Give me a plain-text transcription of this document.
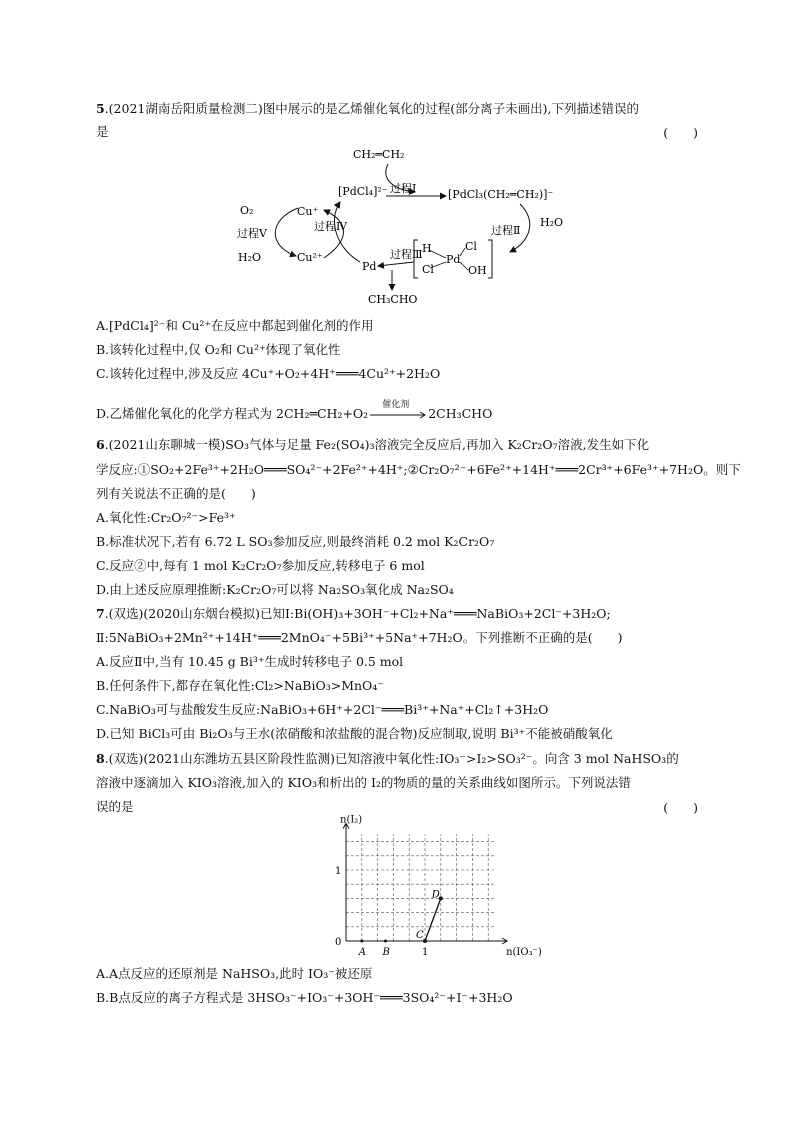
5.(2021湖南岳阳质量检测二)图中展示的是乙烯催化氧化的过程(部分离子未画出),下列描述错误的
是	(　　)
CH₂═CH₂
[PdCl₄]²⁻ 过程Ⅰ	[PdCl₃(CH₂═CH₂)]⁻
H₂O
过程Ⅱ
H
Pd
Cl
Cl	OH
过程Ⅲ
Pd
CH₃CHO
过程Ⅳ
Cu⁺
Cu²⁺
O₂
过程Ⅴ
H₂O
A.[PdCl₄]²⁻和 Cu²⁺在反应中都起到催化剂的作用
B.该转化过程中,仅 O₂和 Cu²⁺体现了氧化性
C.该转化过程中,涉及反应 4Cu⁺+O₂+4H⁺═══4Cu²⁺+2H₂O
D.乙烯催化氧化的化学方程式为 2CH₂═CH₂+O₂
催化剂
2CH₃CHO
6.(2021山东聊城一模)SO₃气体与足量 Fe₂(SO₄)₃溶液完全反应后,再加入 K₂Cr₂O₇溶液,发生如下化
学反应:①SO₂+2Fe³⁺+2H₂O═══SO₄²⁻+2Fe²⁺+4H⁺;②Cr₂O₇²⁻+6Fe²⁺+14H⁺═══2Cr³⁺+6Fe³⁺+7H₂O。则下
列有关说法不正确的是(　　)
A.氧化性:Cr₂O₇²⁻>Fe³⁺
B.标准状况下,若有 6.72 L SO₃参加反应,则最终消耗 0.2 mol K₂Cr₂O₇
C.反应②中,每有 1 mol K₂Cr₂O₇参加反应,转移电子 6 mol
D.由上述反应原理推断:K₂Cr₂O₇可以将 Na₂SO₃氧化成 Na₂SO₄
7.(双选)(2020山东烟台模拟)已知Ⅰ:Bi(OH)₃+3OH⁻+Cl₂+Na⁺═══NaBiO₃+2Cl⁻+3H₂O;
Ⅱ:5NaBiO₃+2Mn²⁺+14H⁺═══2MnO₄⁻+5Bi³⁺+5Na⁺+7H₂O。下列推断不正确的是(　　)
A.反应Ⅱ中,当有 10.45 g Bi³⁺生成时转移电子 0.5 mol
B.任何条件下,都存在氧化性:Cl₂>NaBiO₃>MnO₄⁻
C.NaBiO₃可与盐酸发生反应:NaBiO₃+6H⁺+2Cl⁻═══Bi³⁺+Na⁺+Cl₂↑+3H₂O
D.已知 BiCl₃可由 Bi₂O₃与王水(浓硝酸和浓盐酸的混合物)反应制取,说明 Bi³⁺不能被硝酸氧化
8.(双选)(2021山东潍坊五县区阶段性监测)已知溶液中氧化性:IO₃⁻>I₂>SO₃²⁻。向含 3 mol NaHSO₃的
溶液中逐滴加入 KIO₃溶液,加入的 KIO₃和析出的 I₂的物质的量的关系曲线如图所示。下列说法错
误的是	(　　)
n(I₂)
n(IO₃⁻)
0
1
1
A B
C
D
A.A点反应的还原剂是 NaHSO₃,此时 IO₃⁻被还原
B.B点反应的离子方程式是 3HSO₃⁻+IO₃⁻+3OH⁻═══3SO₄²⁻+I⁻+3H₂O
